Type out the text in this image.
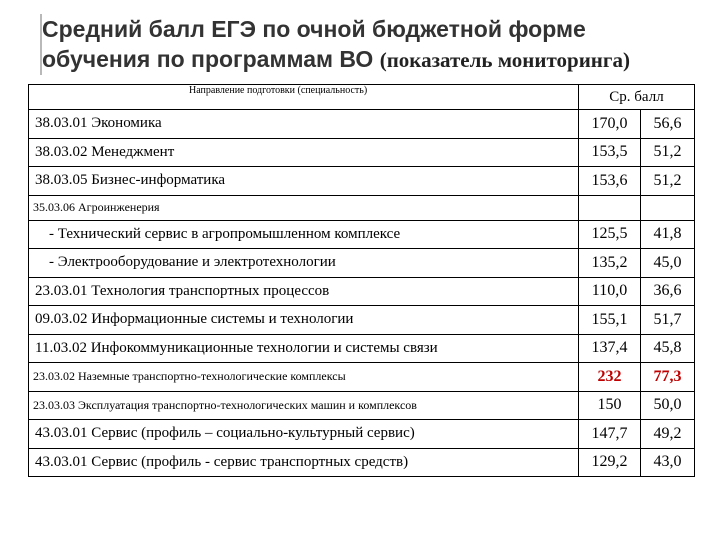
Средний балл ЕГЭ по очной бюджетной форме
обучения по программам ВО (показатель мониторинга)
Направление подготовки (специальность)	Ср. балл	
38.03.01 Экономика	170,0	56,6
38.03.02 Менеджмент	153,5	51,2
38.03.05 Бизнес-информатика	153,6	51,2
35.03.06 Агроинженерия		
- Технический сервис в агропромышленном комплексе	125,5	41,8
- Электрооборудование и электротехнологии	135,2	45,0
23.03.01 Технология транспортных процессов	110,0	36,6
09.03.02 Информационные системы и технологии	155,1	51,7
11.03.02 Инфокоммуникационные технологии и системы связи	137,4	45,8
23.03.02 Наземные транспортно-технологические комплексы	232	77,3
23.03.03 Эксплуатация транспортно-технологических машин и комплексов	150	50,0
43.03.01 Сервис (профиль – социально-культурный сервис)	147,7	49,2
43.03.01 Сервис (профиль - сервис транспортных средств)	129,2	43,0
